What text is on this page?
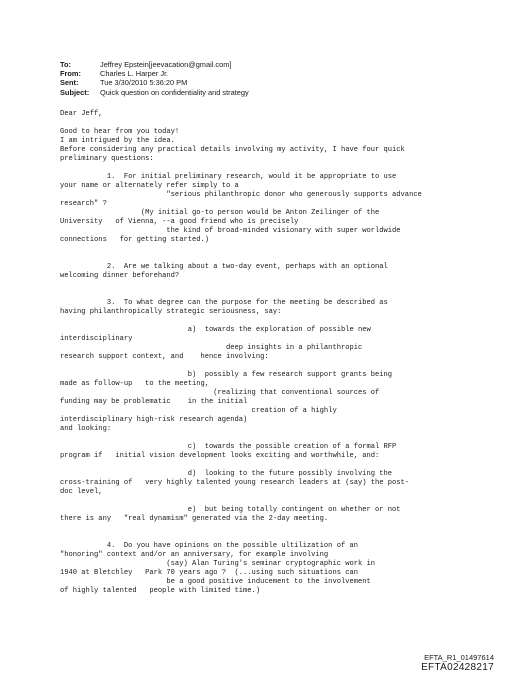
To:	Jeffrey Epstein[jeevacation@gmail.com]
From:	Charles L. Harper Jr.
Sent:	Tue 3/30/2010 5:36:20 PM
Subject: Quick question on confidentiality and strategy
Dear Jeff,
Good to hear from you today!
I am intrigued by the idea.
Before considering any practical details involving my activity, I have four quick
preliminary questions:
1.  For initial preliminary research, would it be appropriate to use
your name or alternately refer simply to a
"serious philanthropic donor who generously supports advance
research" ?
(My initial go-to person would be Anton Zeilinger of the
University   of Vienna, --a good friend who is precisely
the kind of broad-minded visionary with super worldwide
connections   for getting started.)
2.  Are we talking about a two-day event, perhaps with an optional
welcoming dinner beforehand?
3.  To what degree can the purpose for the meeting be described as
having philanthropically strategic seriousness, say:
a)  towards the exploration of possible new
interdisciplinary
deep insights in a philanthropic
research support context, and    hence involving:
b)  possibly a few research support grants being
made as follow-up   to the meeting,
(realizing that conventional sources of
funding may be problematic    in the initial
creation of a highly
interdisciplinary high-risk research agenda)
and looking:
c)  towards the possible creation of a formal RFP
program if   initial vision development looks exciting and worthwhile, and:
d)  looking to the future possibly involving the
cross-training of   very highly talented young research leaders at (say) the post-
doc level,
e)  but being totally contingent on whether or not
there is any   "real dynamism" generated via the 2-day meeting.
4.  Do you have opinions on the possible ultilization of an
"honoring" context and/or an anniversary, for example involving
(say) Alan Turing's seminar cryptographic work in
1940 at Bletchley   Park 70 years ago ?  (...using such situations can
be a good positive inducement to the involvement
of highly talented   people with limited time.)
EFTA_R1_01497614
EFTA02428217
